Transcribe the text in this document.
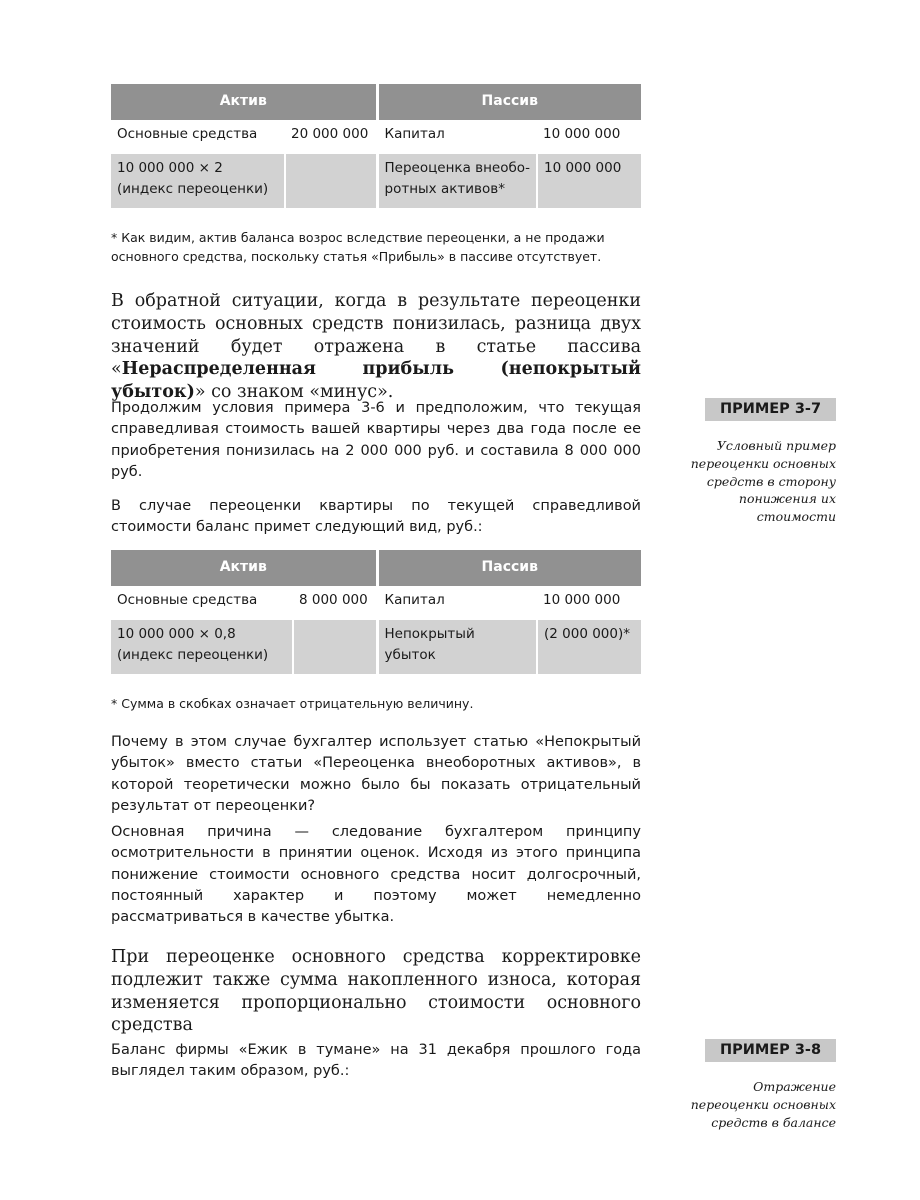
Актив		Пассив	
Основные средства	20 000 000	Капитал	10 000 000
10 000 000 × 2 (индекс переоценки)		Переоценка внеобо- ротных активов*	10 000 000

* Как видим, актив баланса возрос вследствие переоценки, а не продажи основного средства, поскольку статья «Прибыль» в пассиве отсутствует.

В обратной ситуации, когда в результате переоценки стоимость основных средств понизилась, разница двух значений будет отражена в статье пассива «Нераспределенная прибыль (непокрытый убыток)» со знаком «минус».

Продолжим условия примера 3-6 и предположим, что текущая справедливая стоимость вашей квартиры через два года после ее приобретения понизилась на 2 000 000 руб. и составила 8 000 000 руб.

В случае переоценки квартиры по текущей справедливой стоимости баланс примет следующий вид, руб.:

Актив		Пассив	
Основные средства	8 000 000	Капитал	10 000 000
10 000 000 × 0,8 (индекс переоценки)		Непокрытый убыток	(2 000 000)*

* Сумма в скобках означает отрицательную величину.

Почему в этом случае бухгалтер использует статью «Непокрытый убыток» вместо статьи «Переоценка внеоборотных активов», в которой теоретически можно было бы показать отрицательный результат от переоценки?

Основная причина — следование бухгалтером принципу осмотрительности в принятии оценок. Исходя из этого принципа понижение стоимости основного средства носит долгосрочный, постоянный характер и поэтому может немедленно рассматриваться в качестве убытка.

При переоценке основного средства корректировке подлежит также сумма накопленного износа, которая изменяется пропорционально стоимости основного средства

Баланс фирмы «Ежик в тумане» на 31 декабря прошлого года выглядел таким образом, руб.:

ПРИМЕР 3-7
Условный пример переоценки основных средств в сторону понижения их стоимости
ПРИМЕР 3-8
Отражение переоценки основных средств в балансе
